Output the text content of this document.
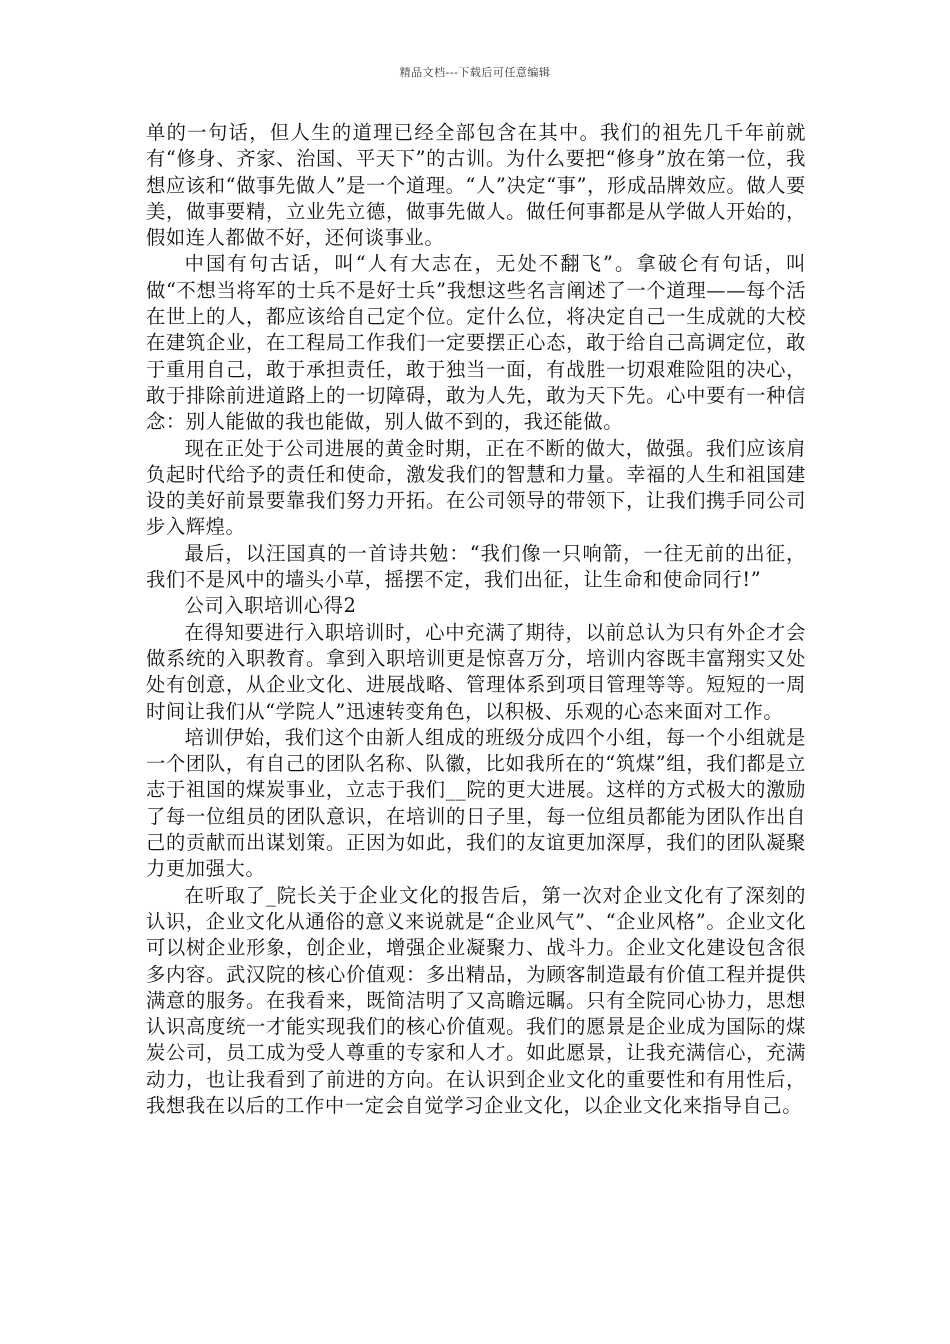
精品文档---下载后可任意编辑

单的一句话，但人生的道理已经全部包含在其中。我们的祖先几千年前就有“修身、齐家、治国、平天下”的古训。为什么要把“修身”放在第一位，我想应该和“做事先做人”是一个道理。“人”决定“事”，形成品牌效应。做人要美，做事要精，立业先立德，做事先做人。做任何事都是从学做人开始的，假如连人都做不好，还何谈事业。

中国有句古话，叫“人有大志在，无处不翻飞”。拿破仑有句话，叫做“不想当将军的士兵不是好士兵”我想这些名言阐述了一个道理——每个活在世上的人，都应该给自己定个位。定什么位，将决定自己一生成就的大校在建筑企业，在工程局工作我们一定要摆正心态，敢于给自己高调定位，敢于重用自己，敢于承担责任，敢于独当一面，有战胜一切艰难险阻的决心，敢于排除前进道路上的一切障碍，敢为人先，敢为天下先。心中要有一种信念：别人能做的我也能做，别人做不到的，我还能做。

现在正处于公司进展的黄金时期，正在不断的做大，做强。我们应该肩负起时代给予的责任和使命，激发我们的智慧和力量。幸福的人生和祖国建设的美好前景要靠我们努力开拓。在公司领导的带领下，让我们携手同公司步入辉煌。

最后，以汪国真的一首诗共勉：“我们像一只响箭，一往无前的出征，我们不是风中的墙头小草，摇摆不定，我们出征，让生命和使命同行!”

公司入职培训心得2

在得知要进行入职培训时，心中充满了期待，以前总认为只有外企才会做系统的入职教育。拿到入职培训更是惊喜万分，培训内容既丰富翔实又处处有创意，从企业文化、进展战略、管理体系到项目管理等等。短短的一周时间让我们从“学院人”迅速转变角色，以积极、乐观的心态来面对工作。

培训伊始，我们这个由新人组成的班级分成四个小组，每一个小组就是一个团队，有自己的团队名称、队徽，比如我所在的“筑煤”组，我们都是立志于祖国的煤炭事业，立志于我们__院的更大进展。这样的方式极大的激励了每一位组员的团队意识，在培训的日子里，每一位组员都能为团队作出自己的贡献而出谋划策。正因为如此，我们的友谊更加深厚，我们的团队凝聚力更加强大。

在听取了_院长关于企业文化的报告后，第一次对企业文化有了深刻的认识，企业文化从通俗的意义来说就是“企业风气”、“企业风格”。企业文化可以树企业形象，创企业，增强企业凝聚力、战斗力。企业文化建设包含很多内容。武汉院的核心价值观：多出精品，为顾客制造最有价值工程并提供满意的服务。在我看来，既简洁明了又高瞻远瞩。只有全院同心协力，思想认识高度统一才能实现我们的核心价值观。我们的愿景是企业成为国际的煤炭公司，员工成为受人尊重的专家和人才。如此愿景，让我充满信心，充满动力，也让我看到了前进的方向。在认识到企业文化的重要性和有用性后，我想我在以后的工作中一定会自觉学习企业文化，以企业文化来指导自己。
